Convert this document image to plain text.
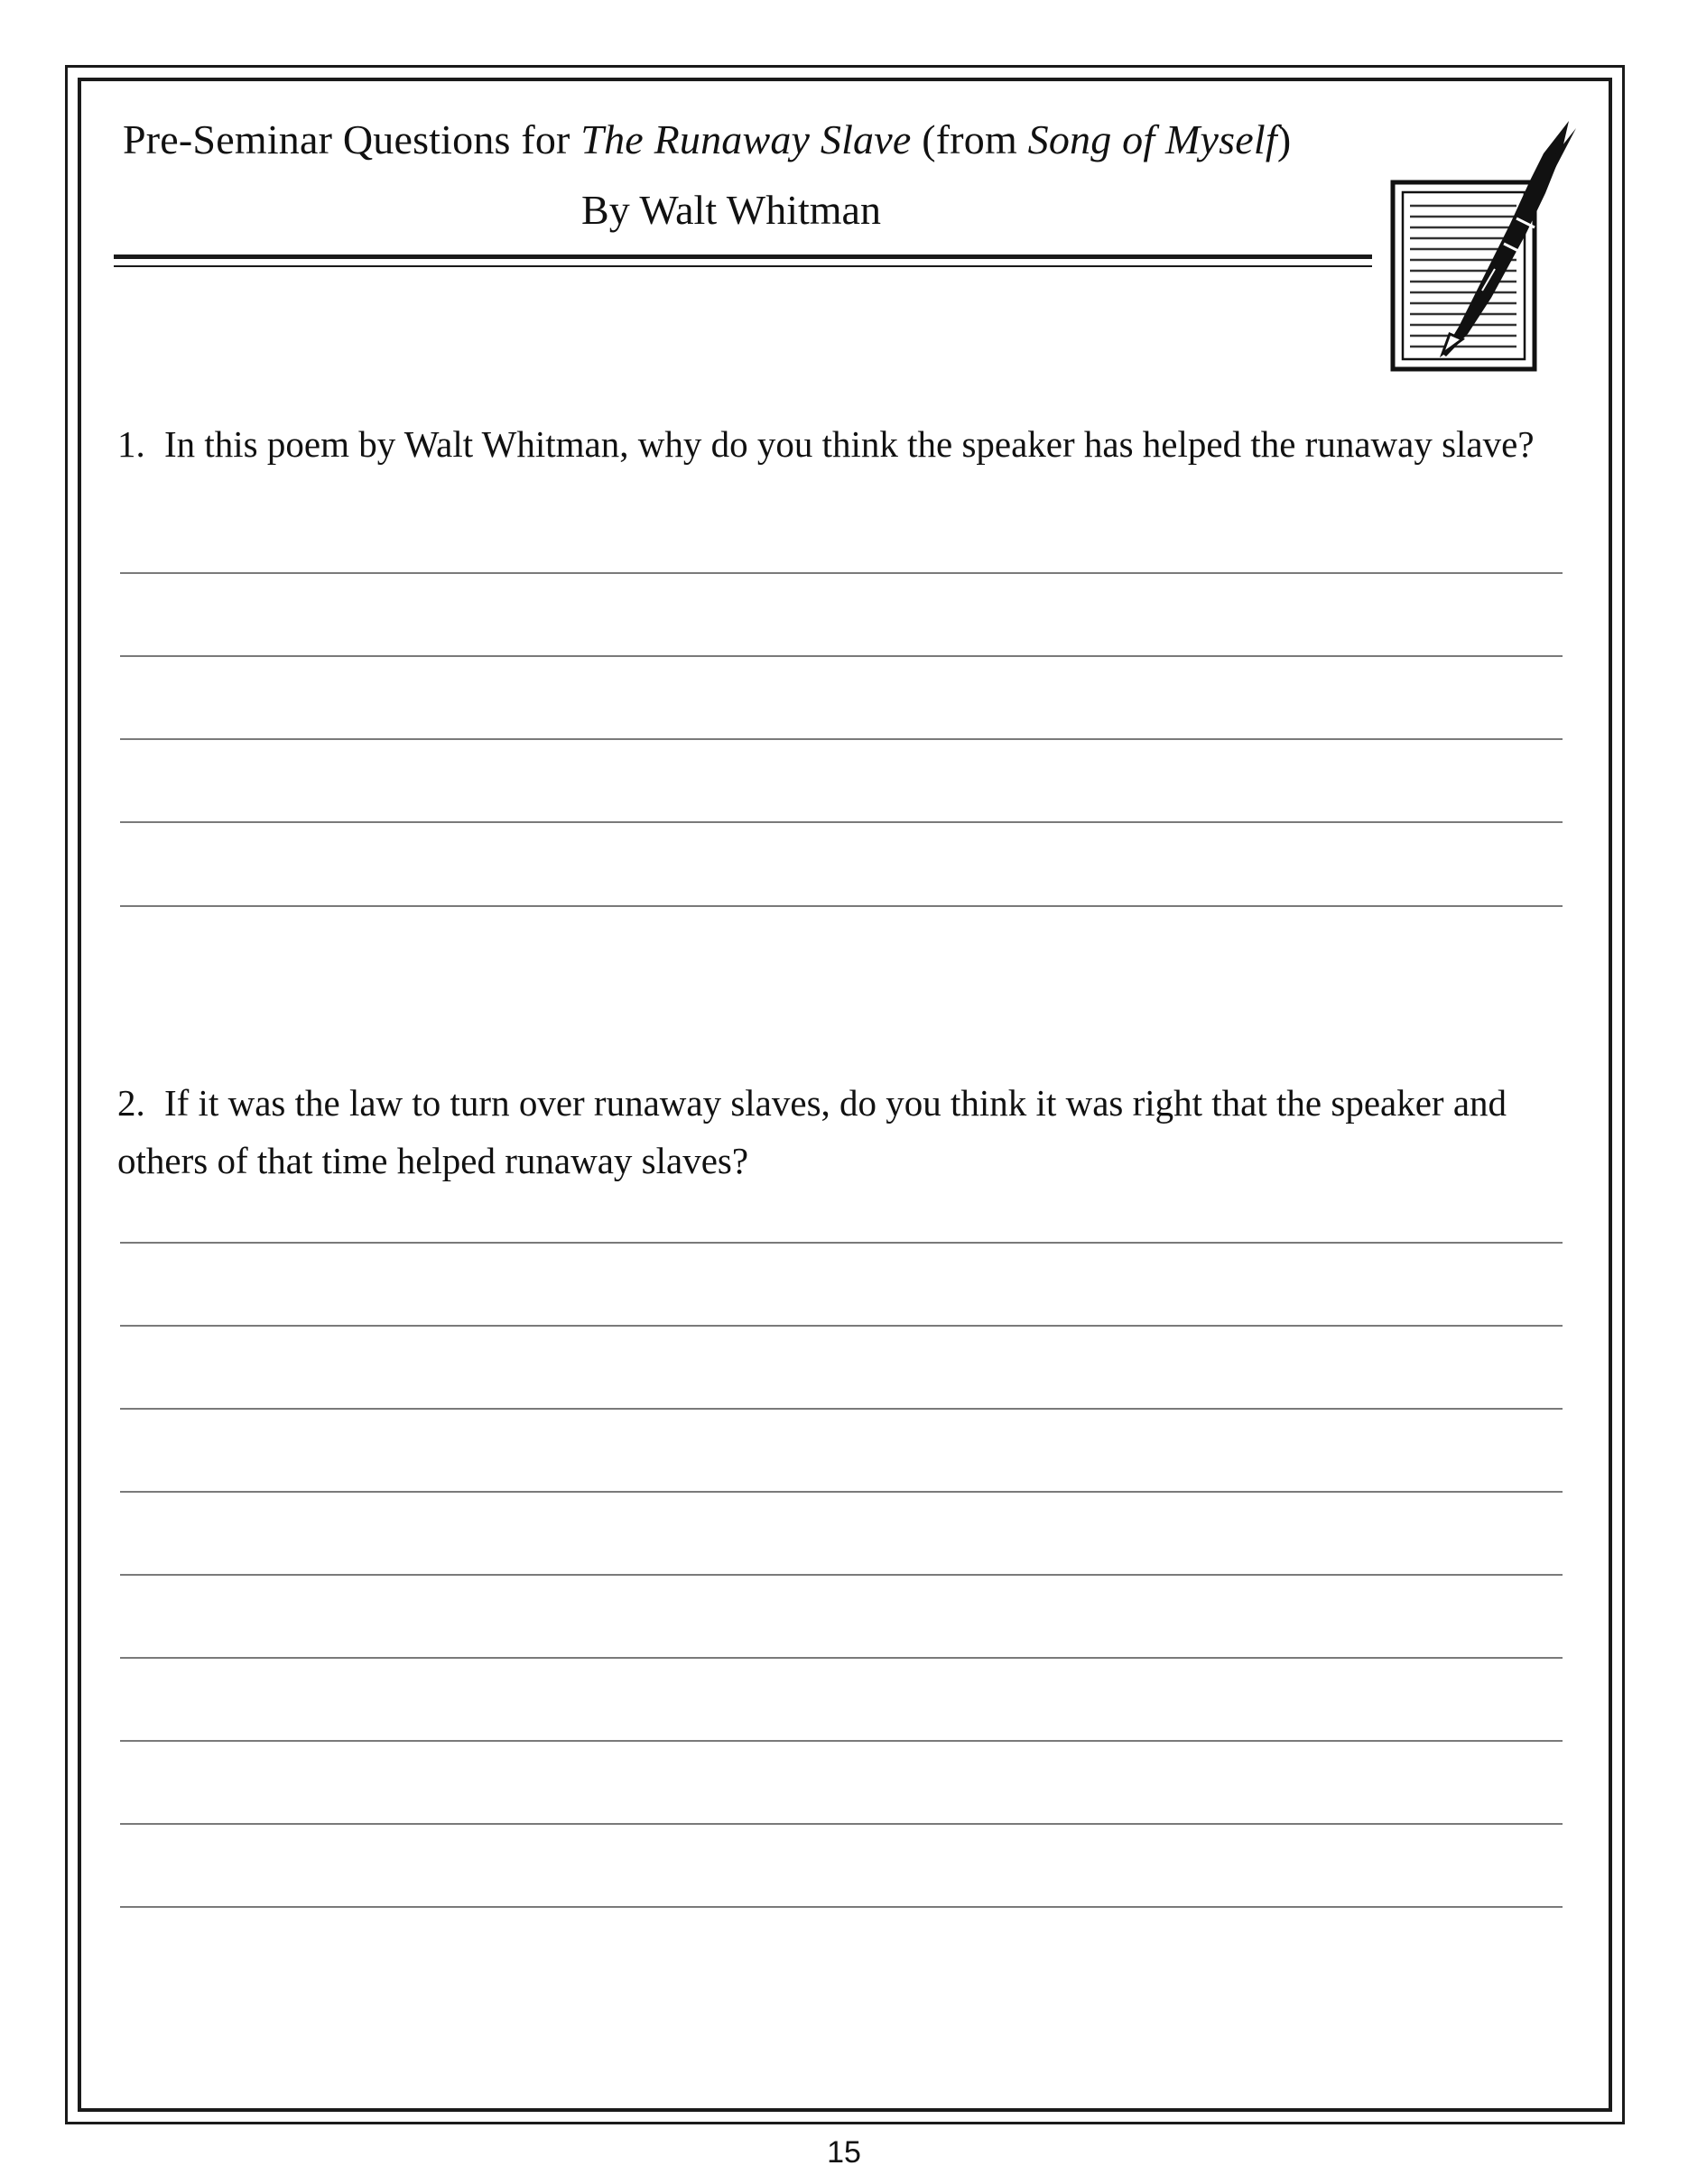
Pre-Seminar Questions for The Runaway Slave (from Song of Myself)
By Walt Whitman
1. In this poem by Walt Whitman, why do you think the speaker has helped the runaway slave?
2. If it was the law to turn over runaway slaves, do you think it was right that the speaker and others of that time helped runaway slaves?
15
